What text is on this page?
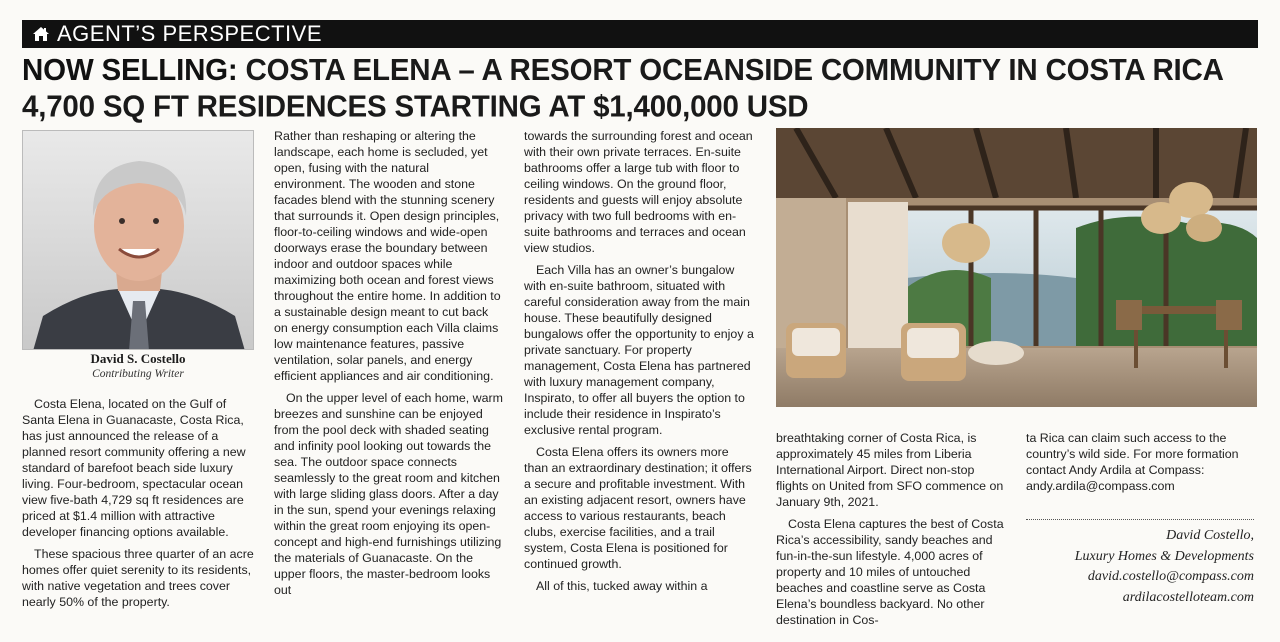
AGENT’S PERSPECTIVE
NOW SELLING: COSTA ELENA – A RESORT OCEANSIDE COMMUNITY IN COSTA RICA
4,700 SQ FT RESIDENCES STARTING AT $1,400,000 USD
David S. Costello
Contributing Writer

Costa Elena, located on the Gulf of Santa Elena in Guanacaste, Costa Rica, has just announced the release of a planned resort community offering a new standard of barefoot beach side luxury living. Four-bedroom, spectacular ocean view five-bath 4,729 sq ft residences are priced at $1.4 million with attractive developer financing options available.

These spacious three quarter of an acre homes offer quiet serenity to its residents, with native vegetation and trees cover nearly 50% of the property.

Rather than reshaping or altering the landscape, each home is secluded, yet open, fusing with the natural environment. The wooden and stone facades blend with the stunning scenery that surrounds it. Open design principles, floor-to-ceiling windows and wide-open doorways erase the boundary between indoor and outdoor spaces while maximizing both ocean and forest views throughout the entire home. In addition to a sustainable design meant to cut back on energy consumption each Villa claims low maintenance features, passive ventilation, solar panels, and energy efficient appliances and air conditioning.

On the upper level of each home, warm breezes and sunshine can be enjoyed from the pool deck with shaded seating and infinity pool looking out towards the sea. The outdoor space connects seamlessly to the great room and kitchen with large sliding glass doors. After a day in the sun, spend your evenings relaxing within the great room enjoying its open-concept and high-end furnishings utilizing the materials of Guanacaste. On the upper floors, the master-bedroom looks out

towards the surrounding forest and ocean with their own private terraces. En-suite bathrooms offer a large tub with floor to ceiling windows. On the ground floor, residents and guests will enjoy absolute privacy with two full bedrooms with en-suite bathrooms and terraces and ocean view studios.

Each Villa has an owner’s bungalow with en-suite bathroom, situated with careful consideration away from the main house. These beautifully designed bungalows offer the opportunity to enjoy a private sanctuary. For property management, Costa Elena has partnered with luxury management company, Inspirato, to offer all buyers the option to include their residence in Inspirato’s exclusive rental program.

Costa Elena offers its owners more than an extraordinary destination; it offers a secure and profitable investment. With an existing adjacent resort, owners have access to various restaurants, beach clubs, exercise facilities, and a trail system, Costa Elena is positioned for continued growth.

All of this, tucked away within a

breathtaking corner of Costa Rica, is approximately 45 miles from Liberia International Airport. Direct non-stop flights on United from SFO commence on January 9th, 2021.

Costa Elena captures the best of Costa Rica’s accessibility, sandy beaches and fun-in-the-sun lifestyle. 4,000 acres of property and 10 miles of untouched beaches and coastline serve as Costa Elena’s boundless backyard. No other destination in Cos-

ta Rica can claim such access to the country’s wild side. For more formation contact Andy Ardila at Compass: andy.ardila@compass.com

David Costello,
Luxury Homes & Developments
david.costello@compass.com
ardilacostelloteam.com
